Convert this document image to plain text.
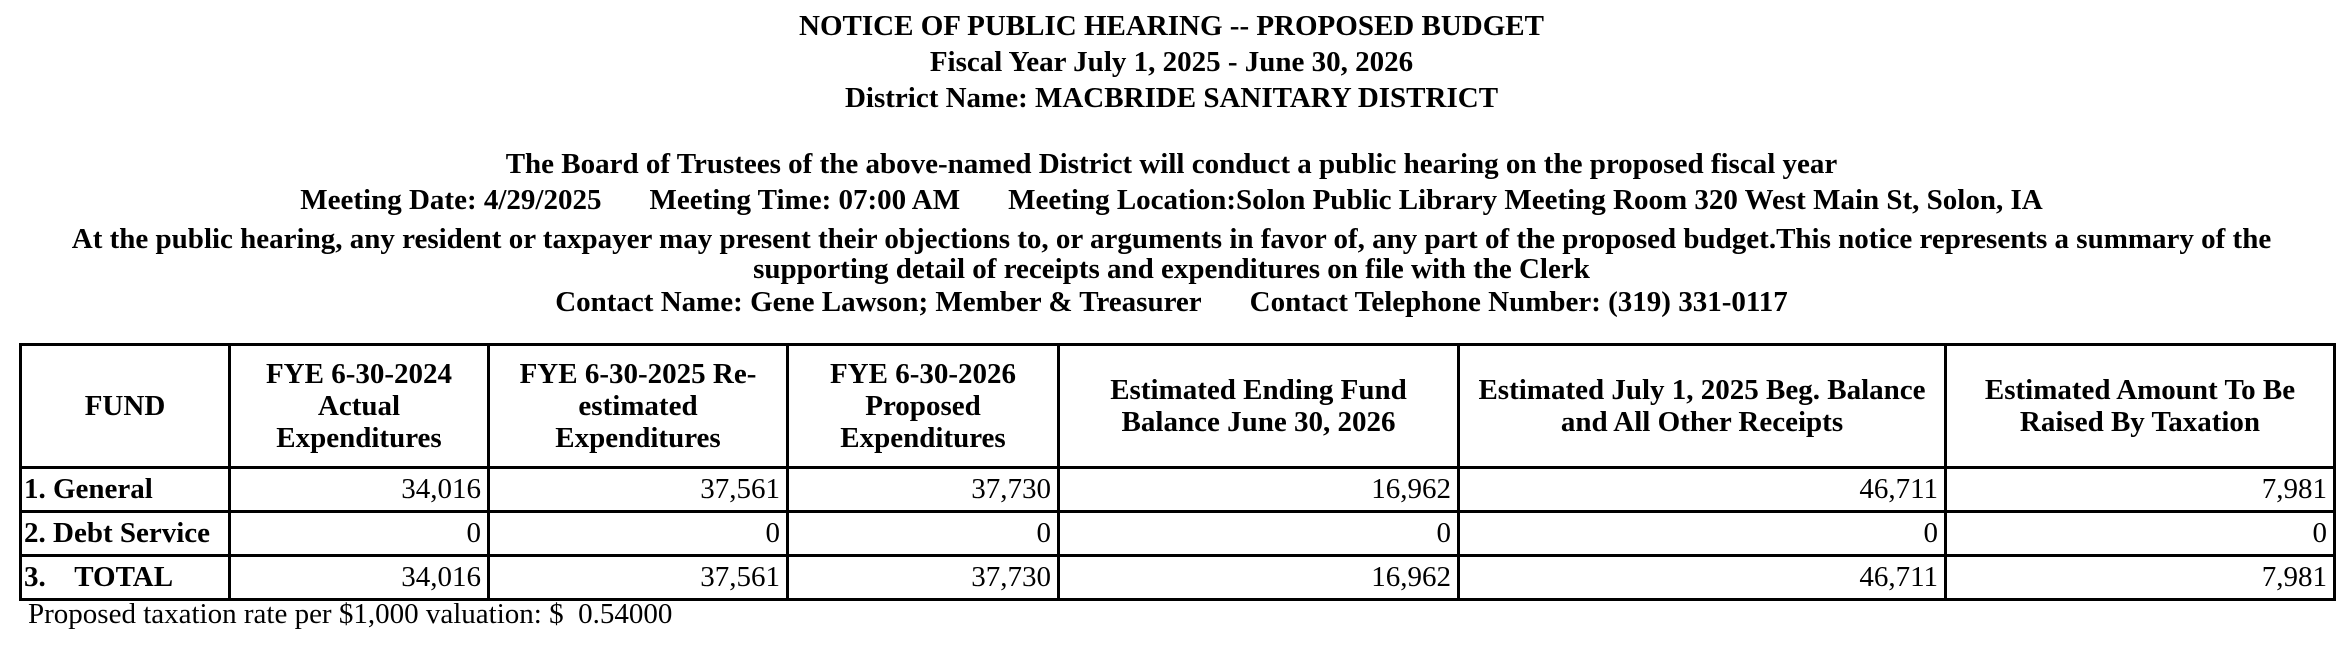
NOTICE OF PUBLIC HEARING -- PROPOSED BUDGET
Fiscal Year July 1, 2025 - June 30, 2026
District Name: MACBRIDE SANITARY DISTRICT
The Board of Trustees of the above-named District will conduct a public hearing on the proposed fiscal year
Meeting Date: 4/29/2025 Meeting Time: 07:00 AM Meeting Location:Solon Public Library Meeting Room 320 West Main St, Solon, IA
At the public hearing, any resident or taxpayer may present their objections to, or arguments in favor of, any part of the proposed budget.This notice represents a summary of the supporting detail of receipts and expenditures on file with the Clerk
Contact Name: Gene Lawson; Member & Treasurer Contact Telephone Number: (319) 331-0117
FUND	FYE 6-30-2024 Actual Expenditures	FYE 6-30-2025 Re-estimated Expenditures	FYE 6-30-2026 Proposed Expenditures	Estimated Ending Fund Balance June 30, 2026	Estimated July 1, 2025 Beg. Balance and All Other Receipts	Estimated Amount To Be Raised By Taxation
1. General	34,016	37,561	37,730	16,962	46,711	7,981
2. Debt Service	0	0	0	0	0	0
3.    TOTAL	34,016	37,561	37,730	16,962	46,711	7,981
Proposed taxation rate per $1,000 valuation: $  0.54000
